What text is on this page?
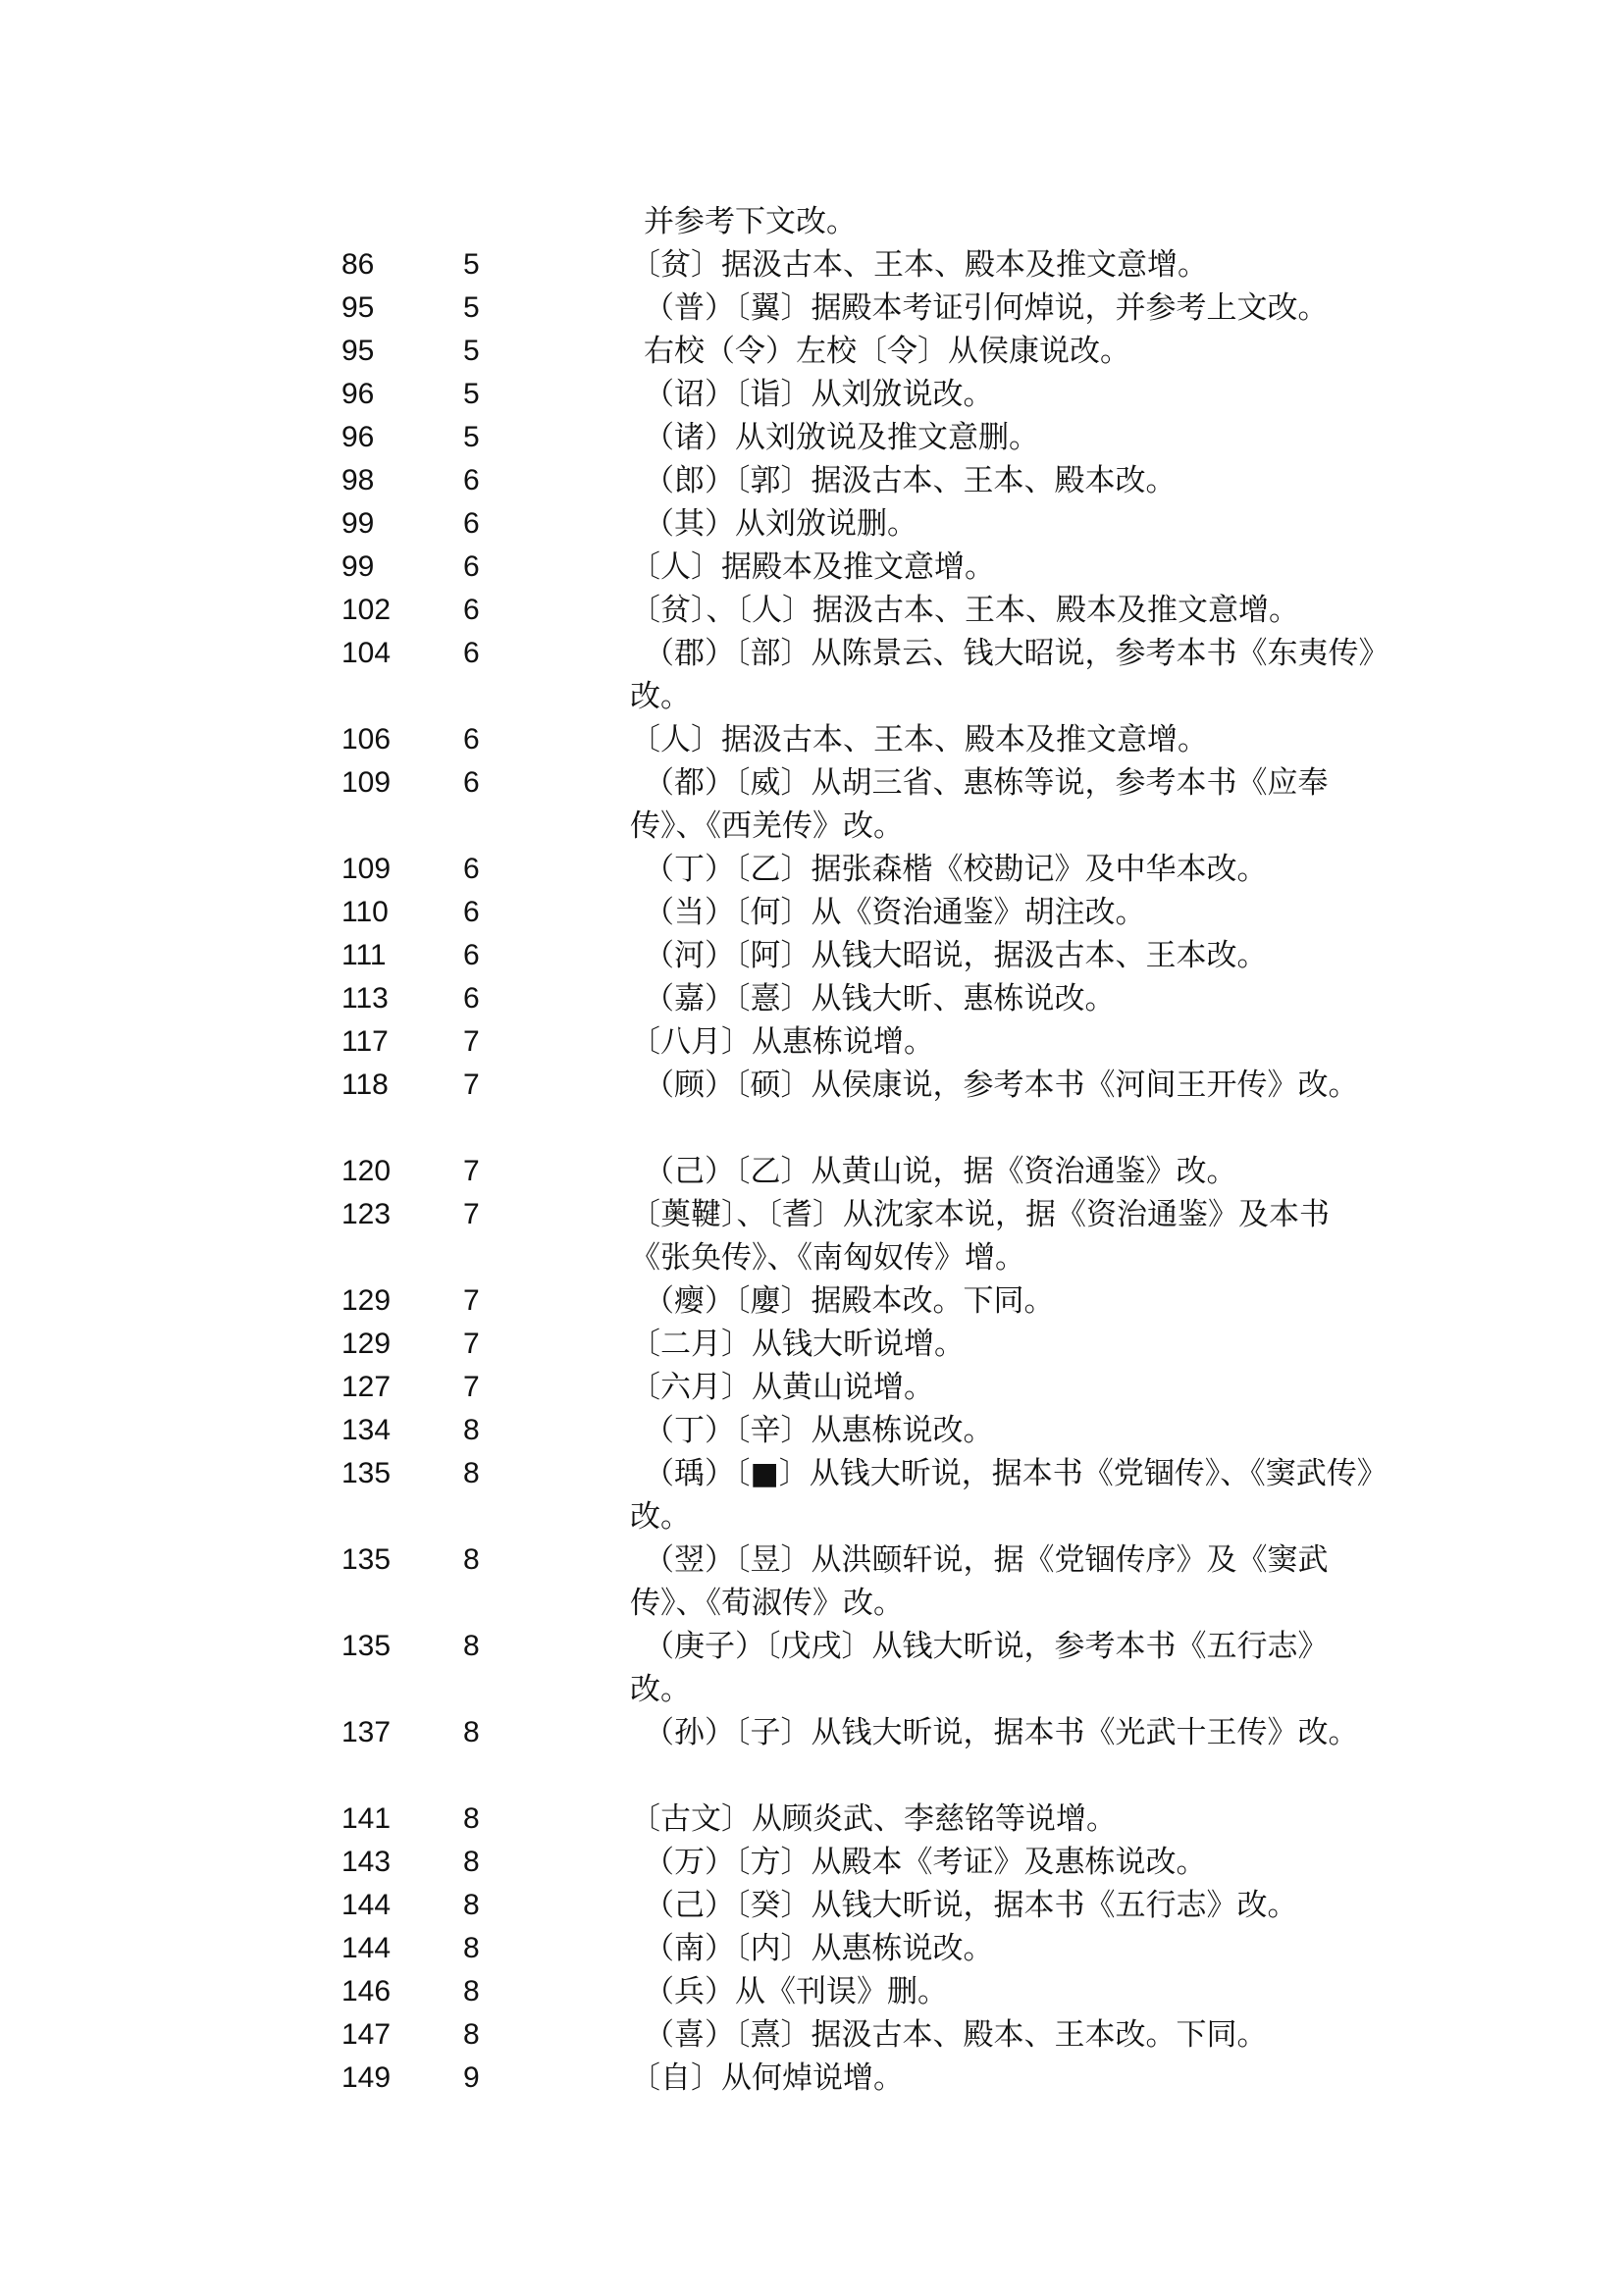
并参考下文改。
86	5	〔贫〕据汲古本、王本、殿本及推文意增。
95	5	（普）〔翼〕据殿本考证引何焯说，并参考上文改。
95	5	右校（令）左校〔令〕从侯康说改。
96	5	（诏）〔诣〕从刘攽说改。
96	5	（诸）从刘攽说及推文意删。
98	6	（郎）〔郭〕据汲古本、王本、殿本改。
99	6	（其）从刘攽说删。
99	6	〔人〕据殿本及推文意增。
102	6	〔贫〕、〔人〕据汲古本、王本、殿本及推文意增。
104	6	（郡）〔部〕从陈景云、钱大昭说，参考本书《东夷传》改。
106	6	〔人〕据汲古本、王本、殿本及推文意增。
109	6	（都）〔威〕从胡三省、惠栋等说，参考本书《应奉传》、《西羌传》改。
109	6	（丁）〔乙〕据张森楷《校勘记》及中华本改。
110	6	（当）〔何〕从《资治通鉴》胡注改。
111	6	（河）〔阿〕从钱大昭说，据汲古本、王本改。
113	6	（嘉）〔憙〕从钱大昕、惠栋说改。
117	7	〔八月〕从惠栋说增。
118	7	（顾）〔硕〕从侯康说，参考本书《河间王开传》改。
120	7	（己）〔乙〕从黄山说，据《资治通鉴》改。
123	7	〔薁鞬〕、〔耆〕从沈家本说，据《资治通鉴》及本书《张奂传》、《南匈奴传》增。
129	7	（瘿）〔廮〕据殿本改。下同。
129	7	〔二月〕从钱大昕说增。
127	7	〔六月〕从黄山说增。
134	8	（丁）〔辛〕从惠栋说改。
135	8	（瑀）〔■〕从钱大昕说，据本书《党锢传》、《窦武传》改。
135	8	（翌）〔昱〕从洪颐轩说，据《党锢传序》及《窦武传》、《荀淑传》改。
135	8	（庚子）〔戊戌〕从钱大昕说，参考本书《五行志》改。
137	8	（孙）〔子〕从钱大昕说，据本书《光武十王传》改。
141	8	〔古文〕从顾炎武、李慈铭等说增。
143	8	（万）〔方〕从殿本《考证》及惠栋说改。
144	8	（己）〔癸〕从钱大昕说，据本书《五行志》改。
144	8	（南）〔内〕从惠栋说改。
146	8	（兵）从《刊误》删。
147	8	（喜）〔熹〕据汲古本、殿本、王本改。下同。
149	9	〔自〕从何焯说增。
